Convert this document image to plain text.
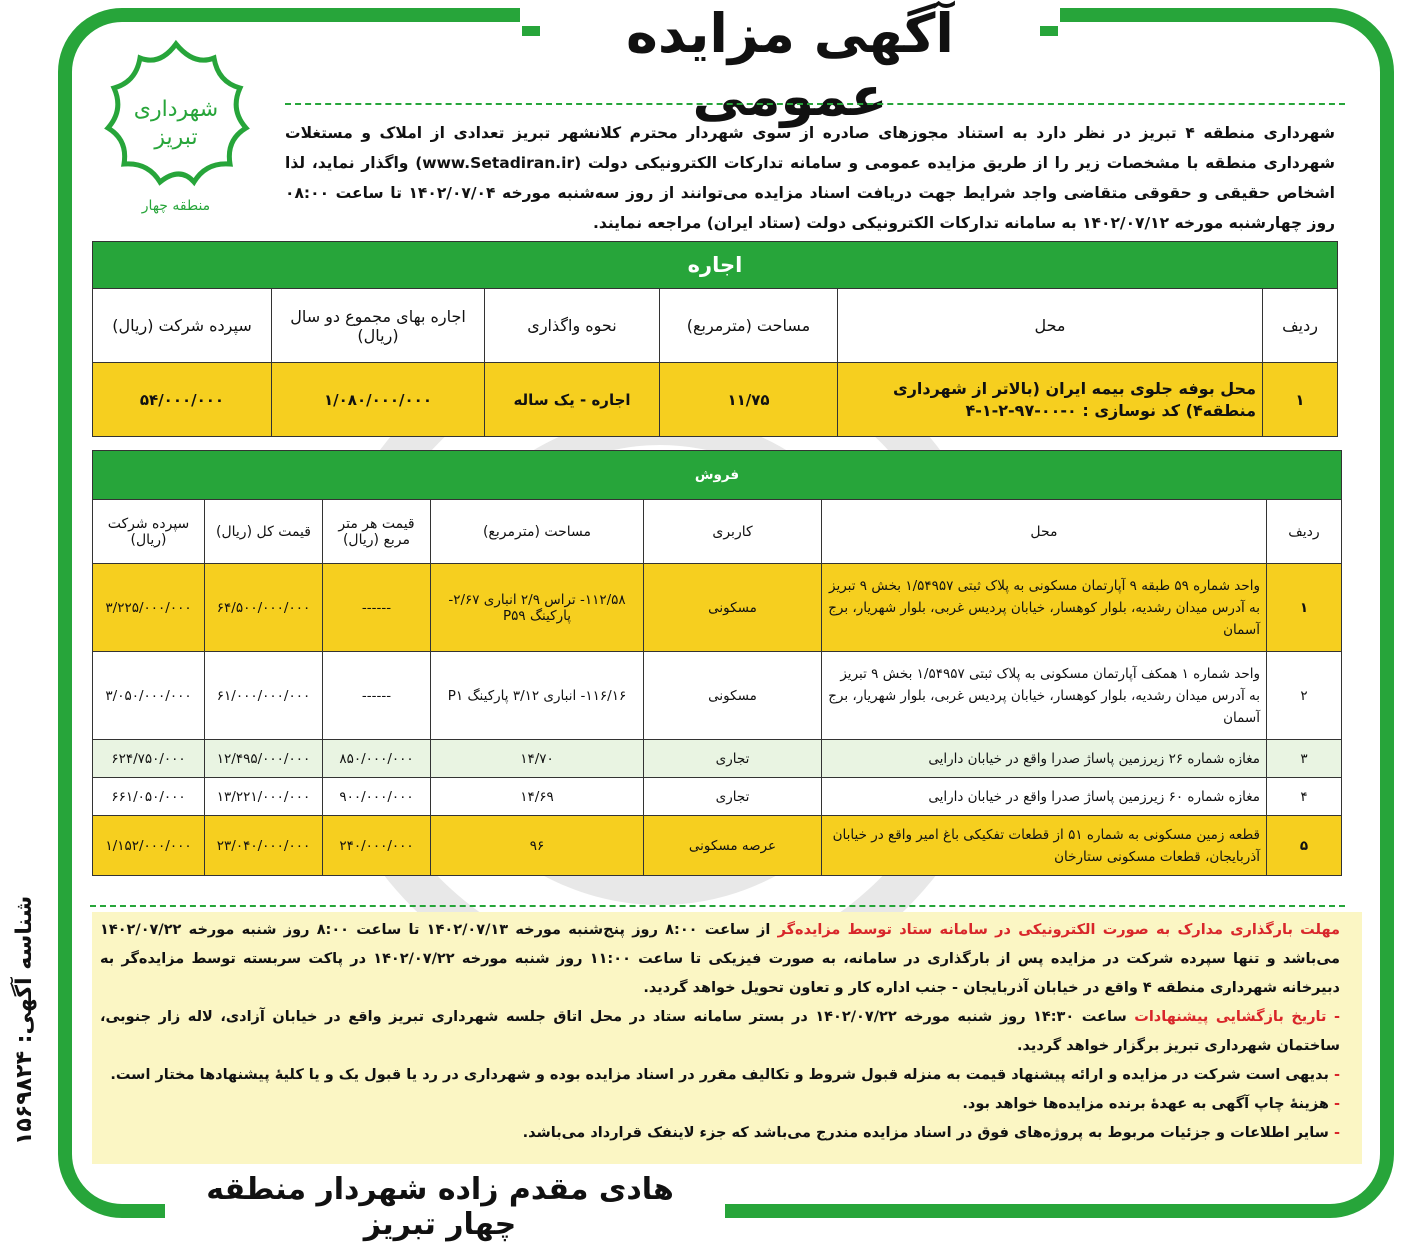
آگهی مزایده عمومی
شهرداری
تبریز
منطقه چهار
شهرداری منطقه ۴ تبریز در نظر دارد به استناد مجوزهای صادره از سوی شهردار محترم کلانشهر تبریز تعدادی از املاک و مستغلات شهرداری منطقه با مشخصات زیر را از طریق مزایده عمومی و سامانه تدارکات الکترونیکی دولت (www.Setadiran.ir) واگذار نماید، لذا اشخاص حقیقی و حقوقی متقاضی واجد شرایط جهت دریافت اسناد مزایده می‌توانند از روز سه‌شنبه مورخه ۱۴۰۲/۰۷/۰۴ تا ساعت ۰۸:۰۰ روز چهارشنبه مورخه ۱۴۰۲/۰۷/۱۲ به سامانه تدارکات الکترونیکی دولت (ستاد ایران) مراجعه نمایند.
اجاره					
ردیف	محل	مساحت (مترمربع)	نحوه واگذاری	اجاره بهای مجموع دو سال (ریال)	سپرده شرکت (ریال)
۱	محل بوفه جلوی بیمه ایران (بالاتر از شهرداری منطقه۴) کد نوسازی : ۰-۰۰-۹۷-۲-۱-۴	۱۱/۷۵	اجاره - یک ساله	۱/۰۸۰/۰۰۰/۰۰۰	۵۴/۰۰۰/۰۰۰
فروش						
ردیف	محل	کاربری	مساحت (مترمربع)	قیمت هر متر مربع (ریال)	قیمت کل (ریال)	سپرده شرکت (ریال)
۱	واحد شماره ۵۹ طبقه ۹ آپارتمان مسکونی به پلاک ثبتی ۱/۵۴۹۵۷ بخش ۹ تبریز به آدرس میدان رشدیه، بلوار کوهسار، خیابان پردیس غربی، بلوار شهریار، برج آسمان	مسکونی	۱۱۲/۵۸- تراس ۲/۹ انباری ۲/۶۷- پارکینگ P۵۹	------	۶۴/۵۰۰/۰۰۰/۰۰۰	۳/۲۲۵/۰۰۰/۰۰۰
۲	واحد شماره ۱ همکف آپارتمان مسکونی به پلاک ثبتی ۱/۵۴۹۵۷ بخش ۹ تبریز به آدرس میدان رشدیه، بلوار کوهسار، خیابان پردیس غربی، بلوار شهریار، برج آسمان	مسکونی	۱۱۶/۱۶- انباری ۳/۱۲ پارکینگ P۱	------	۶۱/۰۰۰/۰۰۰/۰۰۰	۳/۰۵۰/۰۰۰/۰۰۰
۳	مغازه شماره ۲۶ زیرزمین پاساژ صدرا واقع در خیابان دارایی	تجاری	۱۴/۷۰	۸۵۰/۰۰۰/۰۰۰	۱۲/۴۹۵/۰۰۰/۰۰۰	۶۲۴/۷۵۰/۰۰۰
۴	مغازه شماره ۶۰ زیرزمین پاساژ صدرا واقع در خیابان دارایی	تجاری	۱۴/۶۹	۹۰۰/۰۰۰/۰۰۰	۱۳/۲۲۱/۰۰۰/۰۰۰	۶۶۱/۰۵۰/۰۰۰
۵	قطعه زمین مسکونی به شماره ۵۱ از قطعات تفکیکی باغ امیر واقع در خیابان آذربایجان، قطعات مسکونی ستارخان	عرصه مسکونی	۹۶	۲۴۰/۰۰۰/۰۰۰	۲۳/۰۴۰/۰۰۰/۰۰۰	۱/۱۵۲/۰۰۰/۰۰۰
مهلت بارگذاری مدارک به صورت الکترونیکی در سامانه ستاد توسط مزایده‌گر از ساعت ۸:۰۰ روز پنج‌شنبه مورخه ۱۴۰۲/۰۷/۱۳ تا ساعت ۸:۰۰ روز شنبه مورخه ۱۴۰۲/۰۷/۲۲ می‌باشد و تنها سپرده شرکت در مزایده پس از بارگذاری در سامانه، به صورت فیزیکی تا ساعت ۱۱:۰۰ روز شنبه مورخه ۱۴۰۲/۰۷/۲۲ در پاکت سربسته توسط مزایده‌گر به دبیرخانه شهرداری منطقه ۴ واقع در خیابان آذربایجان - جنب اداره کار و تعاون تحویل خواهد گردید.
- تاریخ بازگشایی پیشنهادات ساعت ۱۴:۳۰ روز شنبه مورخه ۱۴۰۲/۰۷/۲۲ در بستر سامانه ستاد در محل اتاق جلسه شهرداری تبریز واقع در خیابان آزادی، لاله زار جنوبی، ساختمان شهرداری تبریز برگزار خواهد گردید.
- بدیهی است شرکت در مزایده و ارائه پیشنهاد قیمت به منزله قبول شروط و تکالیف مقرر در اسناد مزایده بوده و شهرداری در رد یا قبول یک و یا کلیهٔ پیشنهادها مختار است.
- هزینهٔ چاپ آگهی به عهدهٔ برنده مزایده‌ها خواهد بود.
- سایر اطلاعات و جزئیات مربوط به پروژه‌های فوق در اسناد مزایده مندرج می‌باشد که جزء لاینفک قرارداد می‌باشد.
شناسه آگهی: ۱۵۶۹۸۲۴
هادی مقدم زاده شهردار منطقه چهار تبریز
